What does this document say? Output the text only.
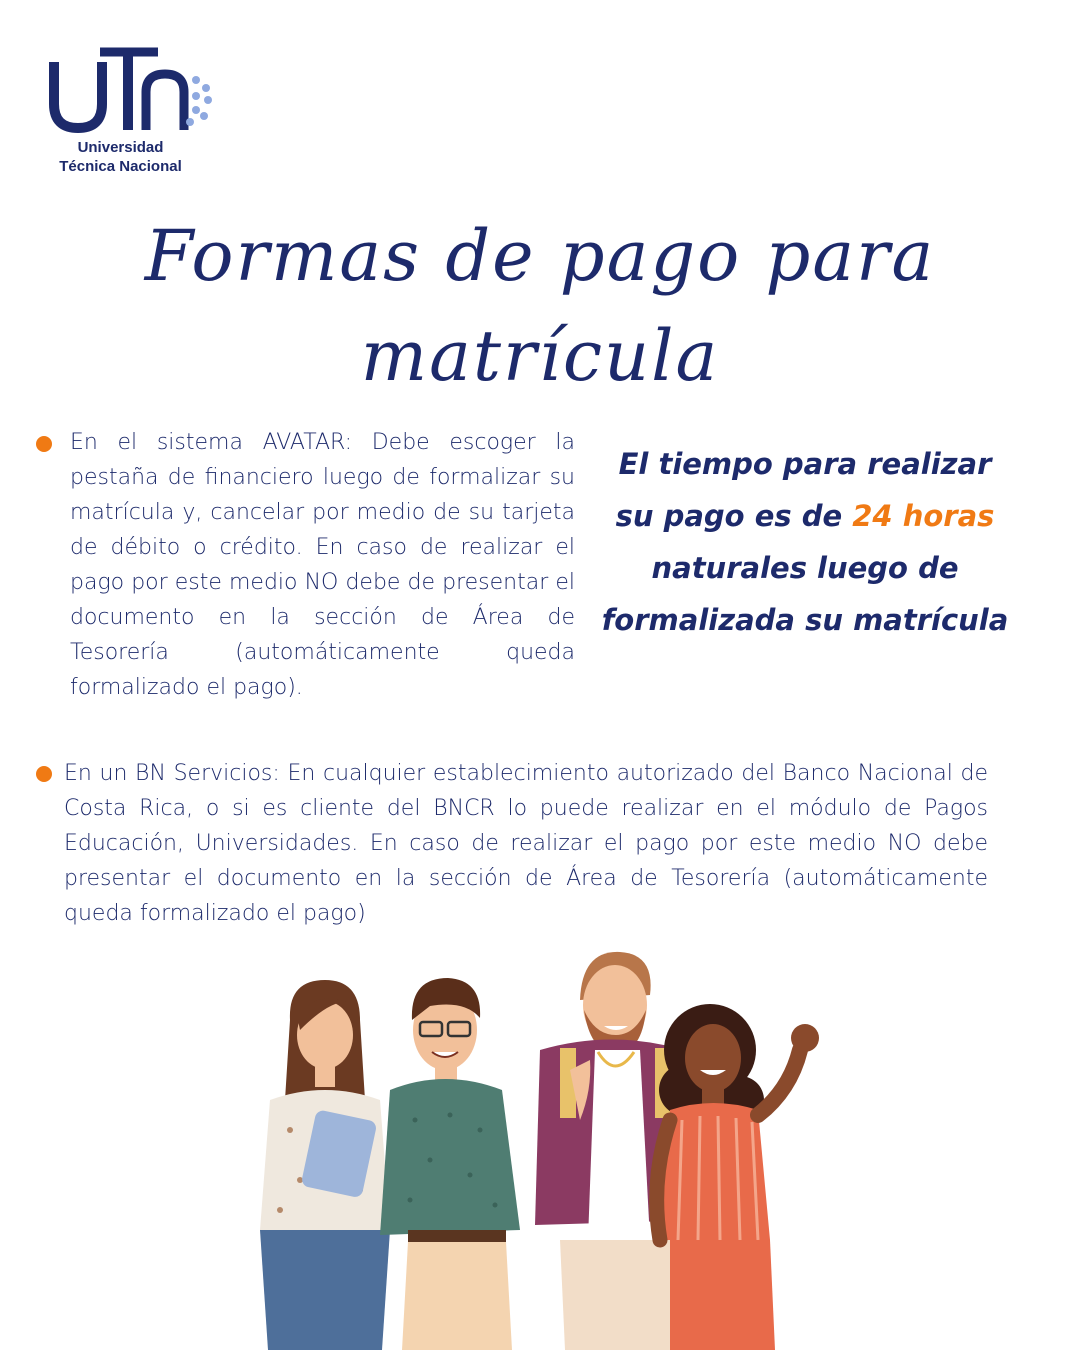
Universidad
Técnica Nacional
Formas de pago para
matrícula
En el sistema AVATAR: Debe escoger la pestaña de financiero luego de formalizar su matrícula y, cancelar por medio de su tarjeta de débito o crédito. En caso de realizar el pago por este medio NO debe de presentar el documento en la sección de Área de Tesorería (automáticamente queda formalizado el pago).
El tiempo para realizar su pago es de 24 horas naturales luego de formalizada su matrícula
En un BN Servicios: En cualquier establecimiento autorizado del Banco Nacional de Costa Rica, o si es cliente del BNCR lo puede realizar en el módulo de Pagos Educación, Universidades. En caso de realizar el pago por este medio NO debe presentar el documento en la sección de Área de Tesorería (automáticamente queda formalizado el pago)
